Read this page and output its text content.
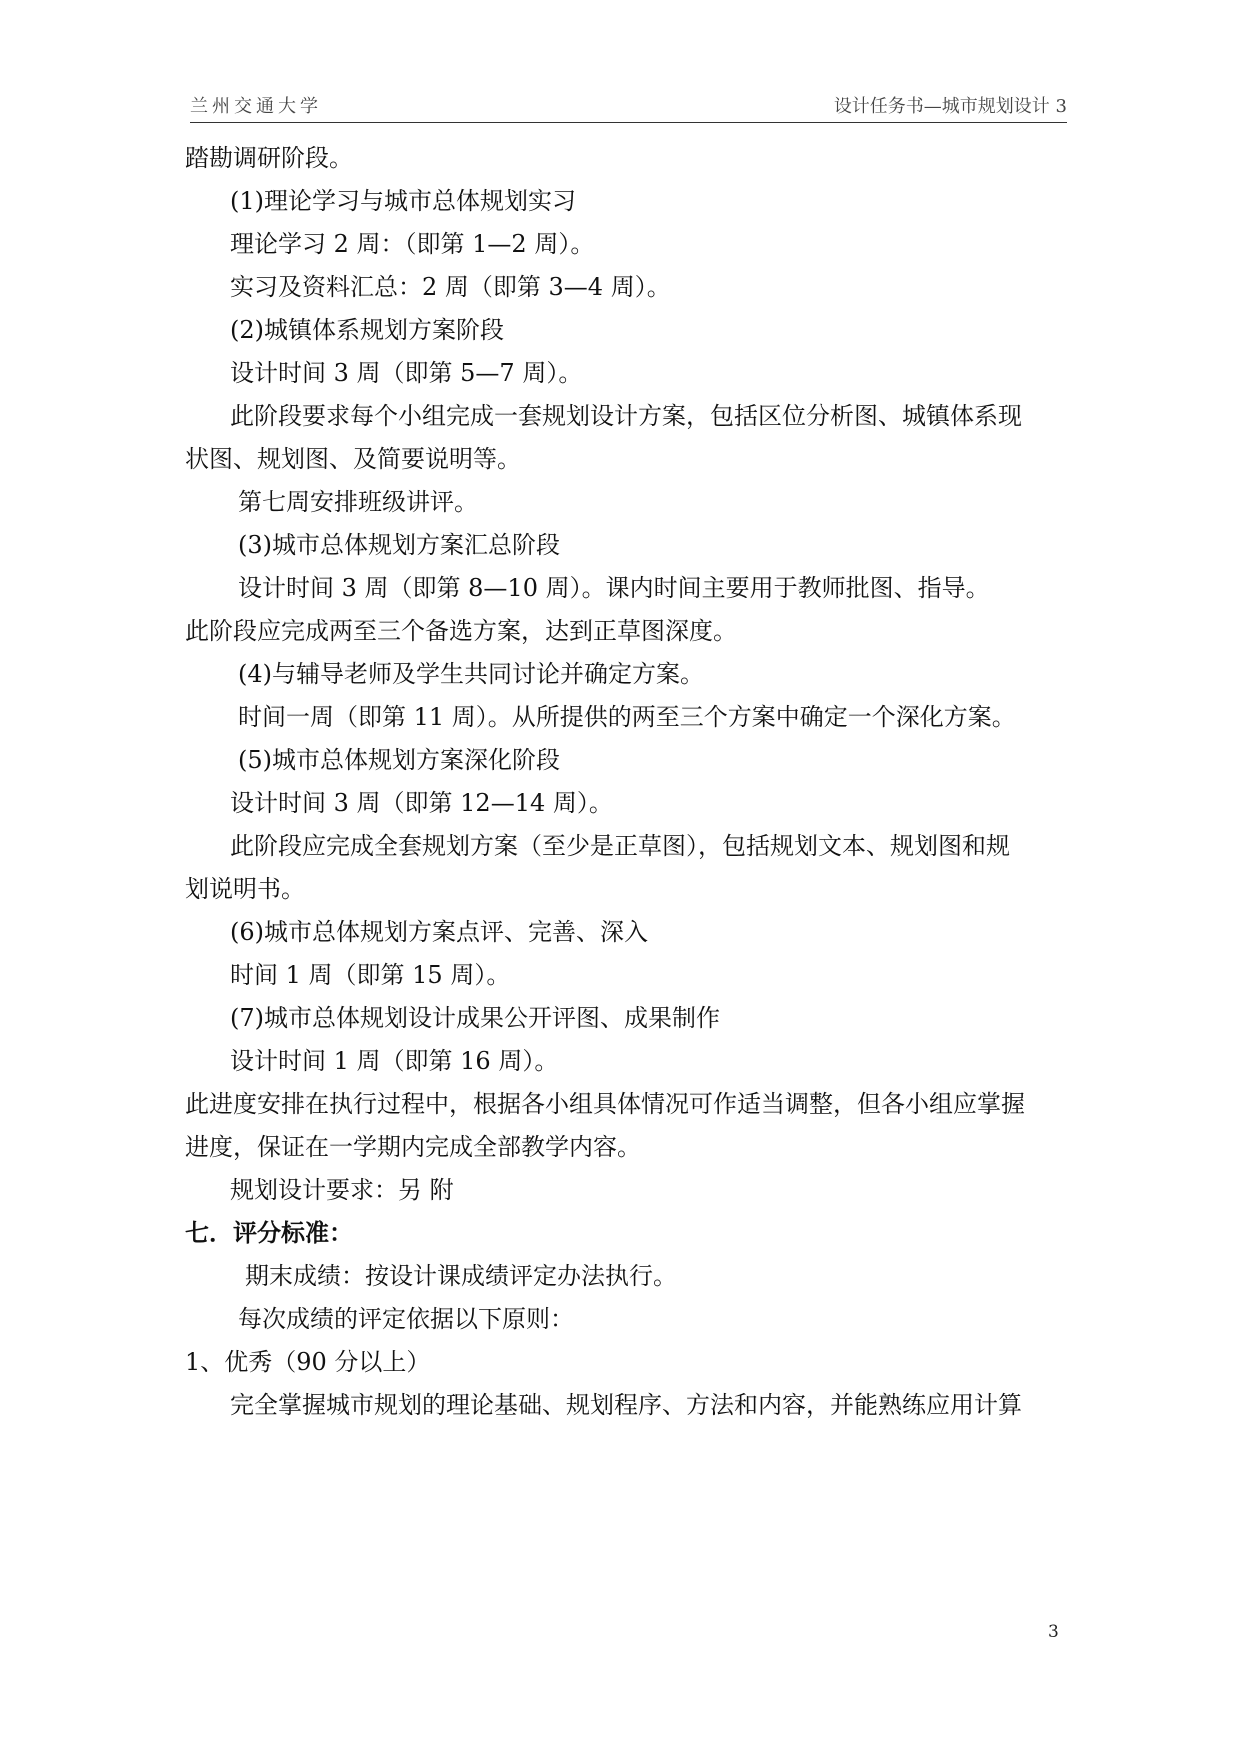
兰州交通大学	设计任务书—城市规划设计 3
踏勘调研阶段。
(1)理论学习与城市总体规划实习
理论学习 2 周：（即第 1—2 周）。
实习及资料汇总：2 周（即第 3—4 周）。
(2)城镇体系规划方案阶段
设计时间 3 周（即第 5—7 周）。
此阶段要求每个小组完成一套规划设计方案，包括区位分析图、城镇体系现
状图、规划图、及简要说明等。
第七周安排班级讲评。
(3)城市总体规划方案汇总阶段
设计时间 3 周（即第 8—10 周）。课内时间主要用于教师批图、指导。
此阶段应完成两至三个备选方案，达到正草图深度。
(4)与辅导老师及学生共同讨论并确定方案。
时间一周（即第 11 周）。从所提供的两至三个方案中确定一个深化方案。
(5)城市总体规划方案深化阶段
设计时间 3 周（即第 12—14 周）。
此阶段应完成全套规划方案（至少是正草图），包括规划文本、规划图和规
划说明书。
(6)城市总体规划方案点评、完善、深入
时间 1 周（即第 15 周）。
(7)城市总体规划设计成果公开评图、成果制作
设计时间 1 周（即第 16 周）。
此进度安排在执行过程中，根据各小组具体情况可作适当调整，但各小组应掌握
进度，保证在一学期内完成全部教学内容。
规划设计要求：另 附
七．评分标准：
期末成绩：按设计课成绩评定办法执行。
每次成绩的评定依据以下原则：
1、优秀（90 分以上）
完全掌握城市规划的理论基础、规划程序、方法和内容，并能熟练应用计算
3
